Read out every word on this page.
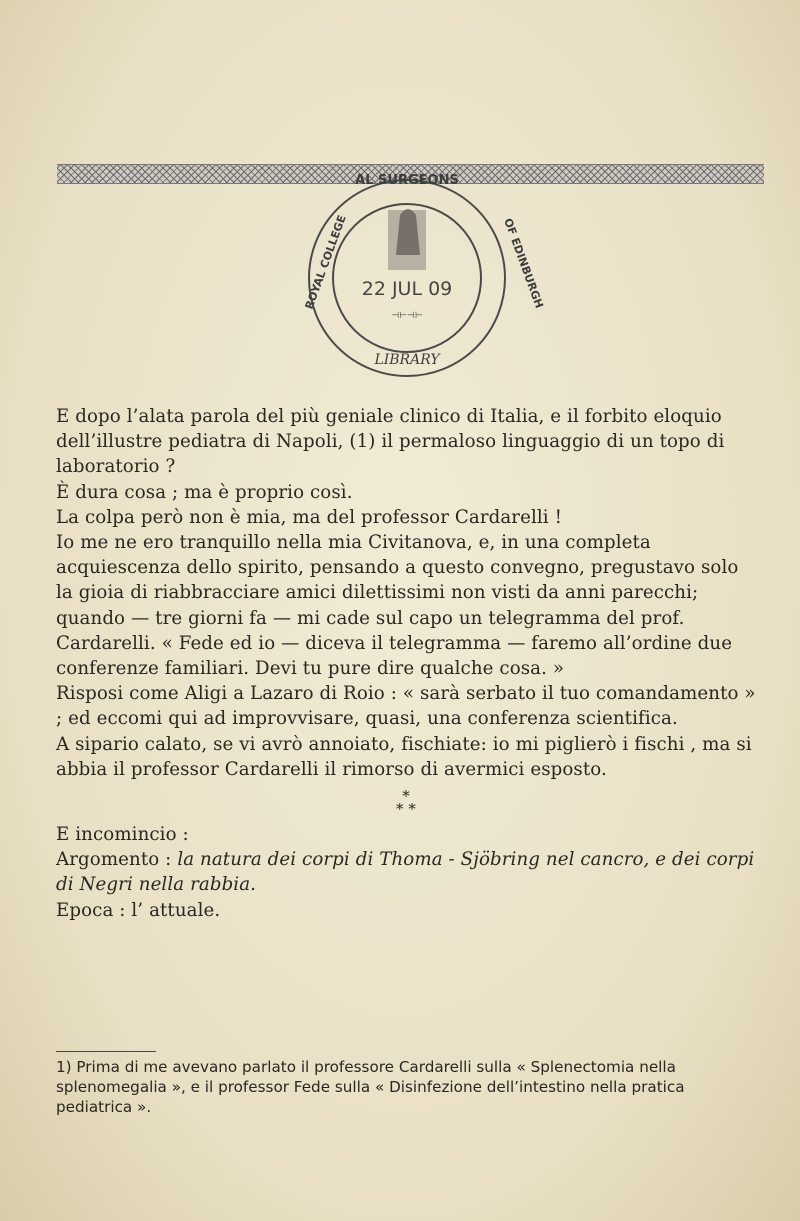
AL SURGEONS
ROYAL COLLEGE	OF EDINBURGH
22 JUL 09
⊣⊢⊣⊢
LIBRARY

E dopo l’alata parola del più geniale clinico di Italia, e il forbito eloquio dell’illustre pediatra di Napoli, (1) il permaloso linguaggio di un topo di laboratorio ?

È dura cosa ; ma è proprio così.

La colpa però non è mia, ma del professor Cardarelli !

Io me ne ero tranquillo nella mia Civitanova, e, in una completa acquiescenza dello spirito, pensando a questo convegno, pregustavo solo la gioia di riabbracciare amici dilettissimi non visti da anni parecchi; quando — tre giorni fa — mi cade sul capo un telegramma del prof. Cardarelli. « Fede ed io — diceva il telegramma — faremo all’ordine due conferenze familiari. Devi tu pure dire qualche cosa. »

Risposi come Aligi a Lazaro di Roio : « sarà serbato il tuo comandamento » ; ed eccomi qui ad improvvisare, quasi, una conferenza scientifica.

A sipario calato, se vi avrò annoiato, fischiate: io mi piglierò i fischi , ma si abbia il professor Cardarelli il rimorso di avermici esposto.

*
* *

E incomincio :

Argomento : la natura dei corpi di Thoma - Sjöbring nel cancro, e dei corpi di Negri nella rabbia.

Epoca : l’ attuale.

1) Prima di me avevano parlato il professore Cardarelli sulla « Splenectomia nella splenomegalia », e il professor Fede sulla « Disinfezione dell’intestino nella pratica pediatrica ».
